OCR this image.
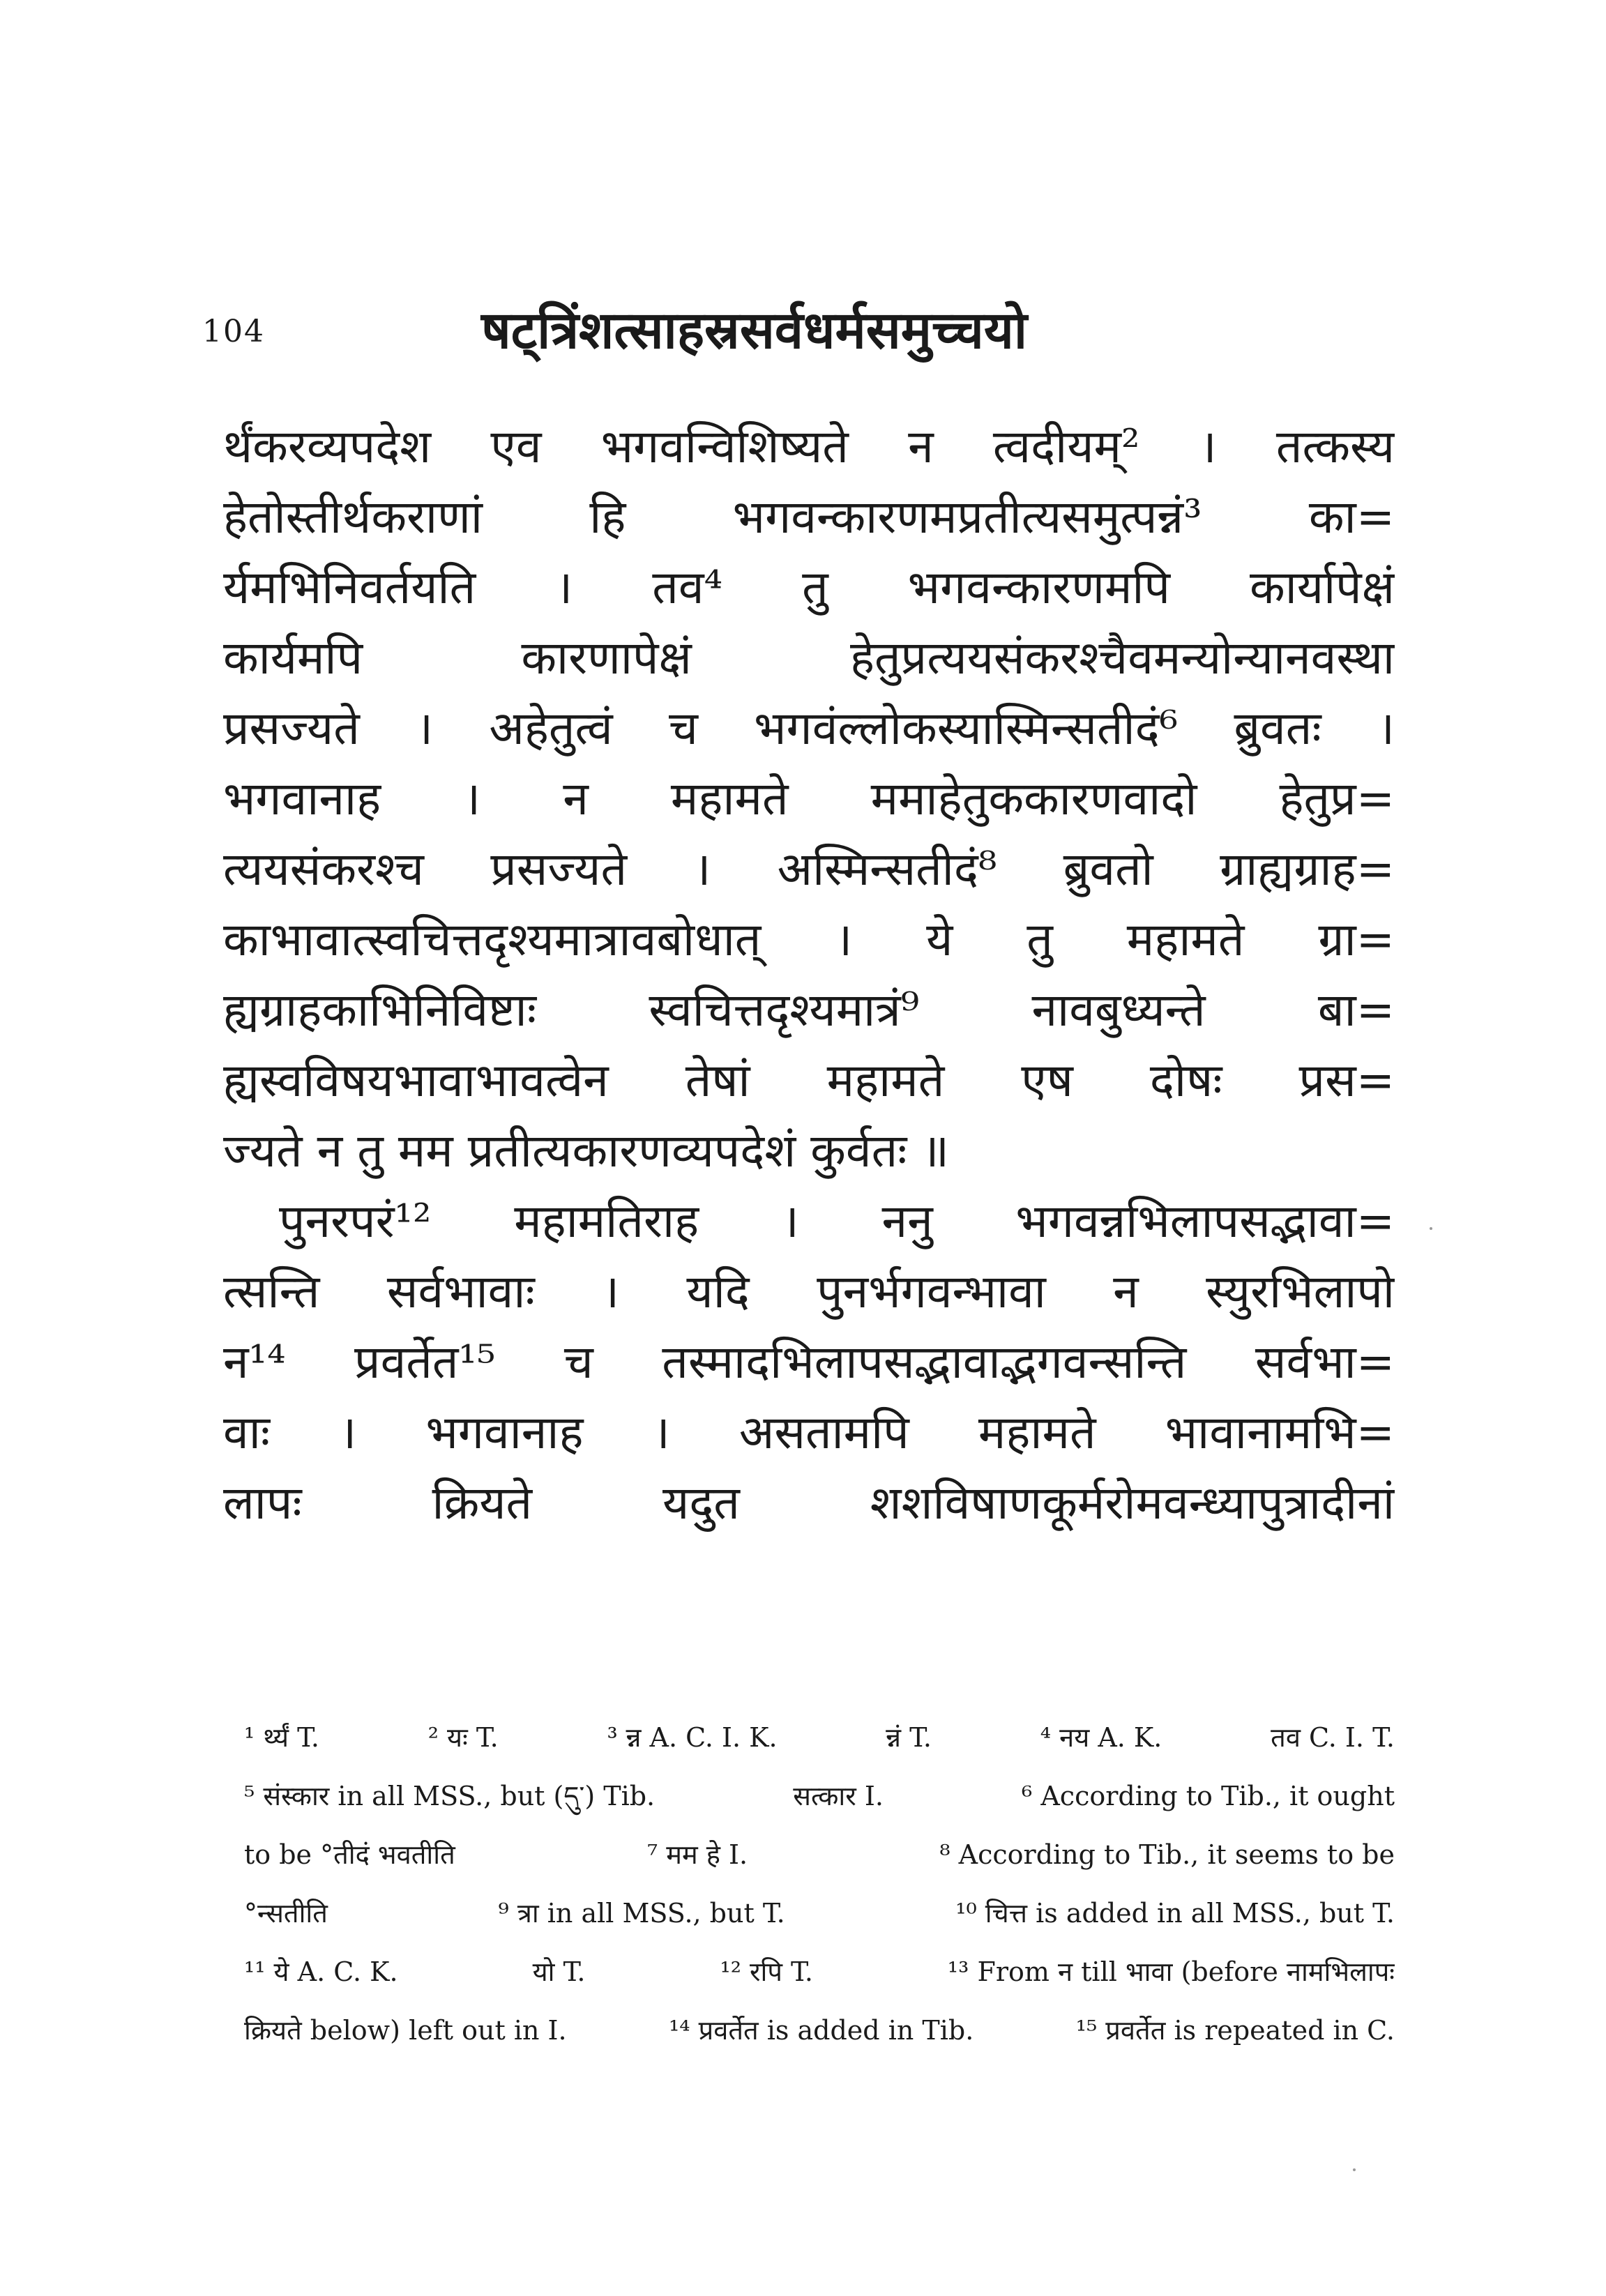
104	षट्त्रिंशत्साहस्रसर्वधर्मसमुच्चयो
र्थंकरव्यपदेश एव भगवन्विशिष्यते न त्वदीयम्² । तत्कस्य
हेतोस्तीर्थकराणां हि भगवन्कारणमप्रतीत्यसमुत्पन्नं³ का=
र्यमभिनिवर्तयति । तव⁴ तु भगवन्कारणमपि कार्यापेक्षं
कार्यमपि कारणापेक्षं हेतुप्रत्ययसंकरश्चैवमन्योन्यानवस्था
प्रसज्यते । अहेतुत्वं च भगवंल्लोकस्यास्मिन्सतीदं⁶ ब्रुवतः ।
भगवानाह । न महामते ममाहेतुककारणवादो हेतुप्र=
त्ययसंकरश्च प्रसज्यते । अस्मिन्सतीदं⁸ ब्रुवतो ग्राह्यग्राह=
काभावात्स्वचित्तदृश्यमात्रावबोधात् । ये तु महामते ग्रा=
ह्यग्राहकाभिनिविष्टाः स्वचित्तदृश्यमात्रं⁹ नावबुध्यन्ते बा=
ह्यस्वविषयभावाभावत्वेन तेषां महामते एष दोषः प्रस=
ज्यते न तु मम प्रतीत्यकारणव्यपदेशं कुर्वतः ॥
पुनरपरं¹² महामतिराह । ननु भगवन्नभिलापसद्भावा=
त्सन्ति सर्वभावाः । यदि पुनर्भगवन्भावा न स्युरभिलापो
न¹⁴ प्रवर्तेत¹⁵ च तस्मादभिलापसद्भावाद्भगवन्सन्ति सर्वभा=
वाः । भगवानाह । असतामपि महामते भावानामभि=
लापः क्रियते यदुत शशविषाणकूर्मरोमवन्ध्यापुत्रादीनां
¹ र्थ्यं T.	² यः T.	³ न्न A. C. I. K.	न्नं T.	⁴ नय A. K.	तव C. I. T.
⁵ संस्कार in all MSS., but (དུ་) Tib.	सत्कार I.	⁶ According to Tib., it ought
to be °तीदं भवतीति	⁷ मम हे I.	⁸ According to Tib., it seems to be
°न्सतीति	⁹ त्रा in all MSS., but T.	¹⁰ चित्त is added in all MSS., but T.
¹¹ ये A. C. K.	यो T.	¹² रपि T.	¹³ From न till भावा (before नामभिलापः
क्रियते below) left out in I.	¹⁴ प्रवर्तेत is added in Tib.	¹⁵ प्रवर्तेत is repeated in C.
